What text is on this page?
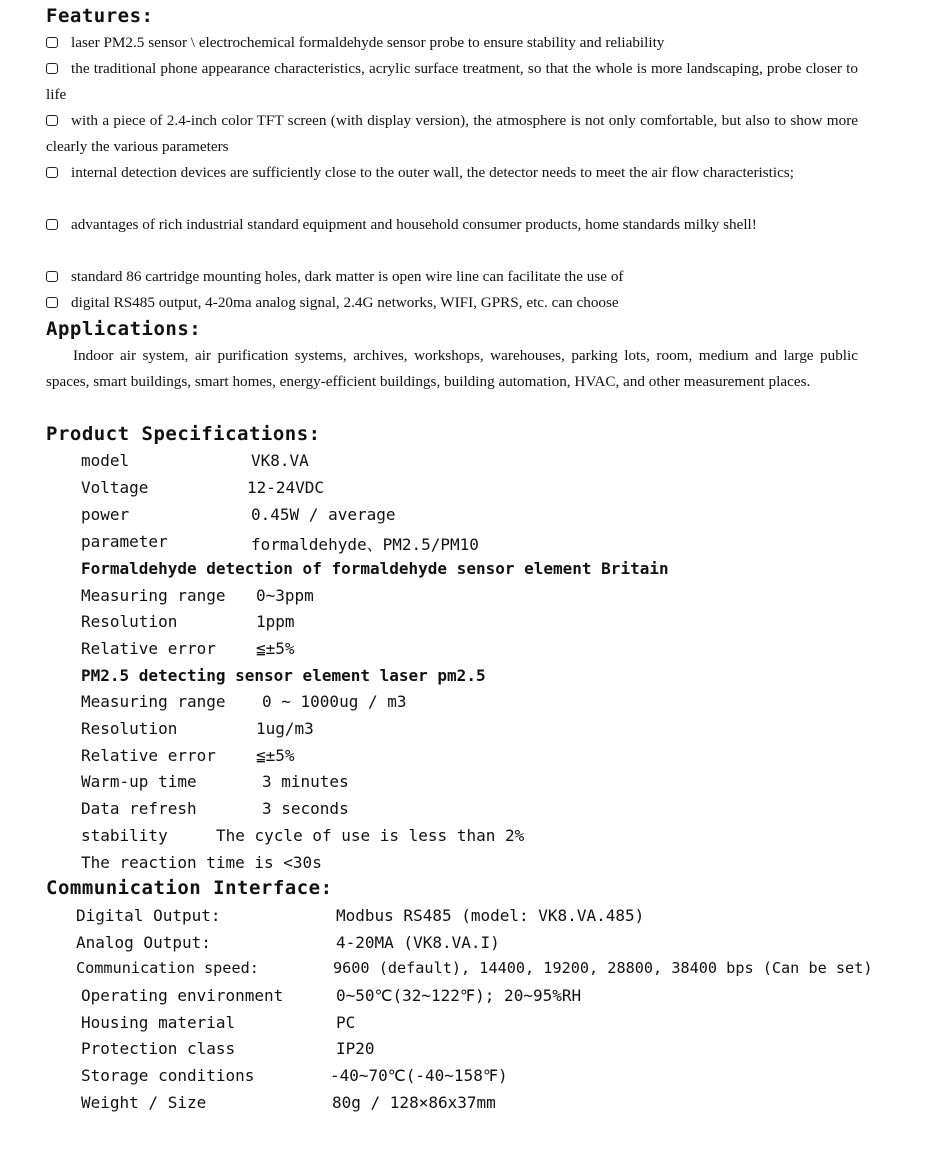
Features:
laser PM2.5 sensor \ electrochemical formaldehyde sensor probe to ensure stability and reliability
the traditional phone appearance characteristics, acrylic surface treatment, so that the whole is more landscaping, probe closer to life
with a piece of 2.4-inch color TFT screen (with display version), the atmosphere is not only comfortable, but also to show more clearly the various parameters
internal detection devices are sufficiently close to the outer wall, the detector needs to meet the air flow characteristics;
advantages of rich industrial standard equipment and household consumer products, home standards milky shell!
standard 86 cartridge mounting holes, dark matter is open wire line can facilitate the use of
digital RS485 output, 4-20ma analog signal, 2.4G networks, WIFI, GPRS, etc. can choose
Applications:
Indoor air system, air purification systems, archives, workshops, warehouses, parking lots, room, medium and large public spaces, smart buildings, smart homes, energy-efficient buildings, building automation, HVAC, and other measurement places.
Product Specifications:
model	VK8.VA
Voltage	12-24VDC
power	0.45W / average
parameter	formaldehyde、PM2.5/PM10
Formaldehyde detection of formaldehyde sensor element Britain
Measuring range 0~3ppm
Resolution	1ppm
Relative error	≦±5%
PM2.5 detecting sensor element laser pm2.5
Measuring range 0 ~ 1000ug / m3
Resolution	1ug/m3
Relative error	≦±5%
Warm-up time	3 minutes
Data refresh	3 seconds
stability	The cycle of use is less than 2%
The reaction time is <30s
Communication Interface:
Digital Output:	Modbus RS485 (model: VK8.VA.485)
Analog Output:	4-20MA (VK8.VA.I)
Communication speed:	9600 (default), 14400, 19200, 28800, 38400 bps (Can be set)
Operating environment	0~50℃(32~122℉); 20~95%RH
Housing material	PC
Protection class	IP20
Storage conditions	-40~70℃(-40~158℉)
Weight / Size	80g / 128×86x37mm
